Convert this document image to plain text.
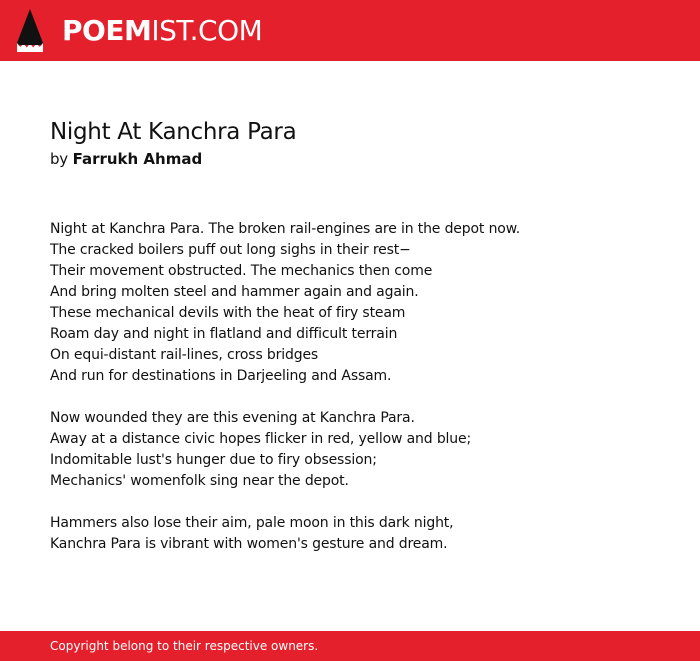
POEMIST.COM
Night At Kanchra Para
by Farrukh Ahmad
Night at Kanchra Para. The broken rail-engines are in the depot now.
The cracked boilers puff out long sighs in their rest−
Their movement obstructed. The mechanics then come
And bring molten steel and hammer again and again.
These mechanical devils with the heat of firy steam
Roam day and night in flatland and difficult terrain
On equi-distant rail-lines, cross bridges
And run for destinations in Darjeeling and Assam.
Now wounded they are this evening at Kanchra Para.
Away at a distance civic hopes flicker in red, yellow and blue;
Indomitable lust's hunger due to firy obsession;
Mechanics' womenfolk sing near the depot.
Hammers also lose their aim, pale moon in this dark night,
Kanchra Para is vibrant with women's gesture and dream.
Copyright belong to their respective owners.
